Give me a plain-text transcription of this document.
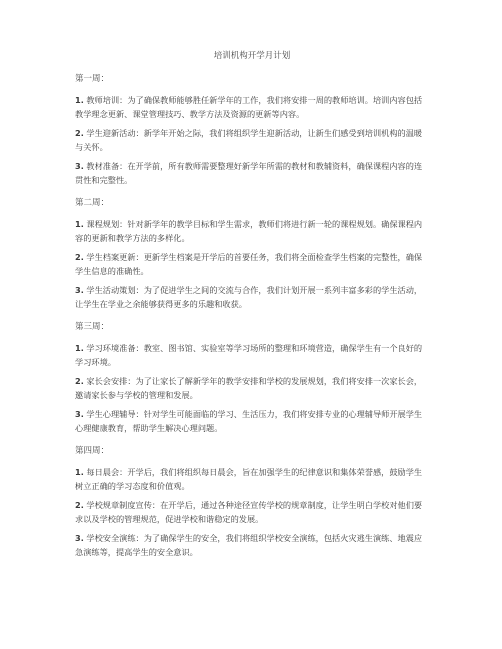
培训机构开学月计划
第一周：

1. 教师培训：为了确保教师能够胜任新学年的工作，我们将安排一周的教师培训。培训内容包括教学理念更新、课堂管理技巧、教学方法及资源的更新等内容。

2. 学生迎新活动：新学年开始之际，我们将组织学生迎新活动，让新生们感受到培训机构的温暖与关怀。

3. 教材准备：在开学前，所有教师需要整理好新学年所需的教材和教辅资料，确保课程内容的连贯性和完整性。

第二周：

1. 课程规划：针对新学年的教学目标和学生需求，教师们将进行新一轮的课程规划。确保课程内容的更新和教学方法的多样化。

2. 学生档案更新：更新学生档案是开学后的首要任务，我们将全面检查学生档案的完整性，确保学生信息的准确性。

3. 学生活动策划：为了促进学生之间的交流与合作，我们计划开展一系列丰富多彩的学生活动，让学生在学业之余能够获得更多的乐趣和收获。

第三周：

1. 学习环境准备：教室、图书馆、实验室等学习场所的整理和环境营造，确保学生有一个良好的学习环境。

2. 家长会安排：为了让家长了解新学年的教学安排和学校的发展规划，我们将安排一次家长会，邀请家长参与学校的管理和发展。

3. 学生心理辅导：针对学生可能面临的学习、生活压力，我们将安排专业的心理辅导师开展学生心理健康教育，帮助学生解决心理问题。

第四周：

1. 每日晨会：开学后，我们将组织每日晨会，旨在加强学生的纪律意识和集体荣誉感，鼓励学生树立正确的学习态度和价值观。

2. 学校规章制度宣传：在开学后，通过各种途径宣传学校的规章制度，让学生明白学校对他们要求以及学校的管理规范，促进学校和谐稳定的发展。

3. 学校安全演练：为了确保学生的安全，我们将组织学校安全演练，包括火灾逃生演练、地震应急演练等，提高学生的安全意识。
